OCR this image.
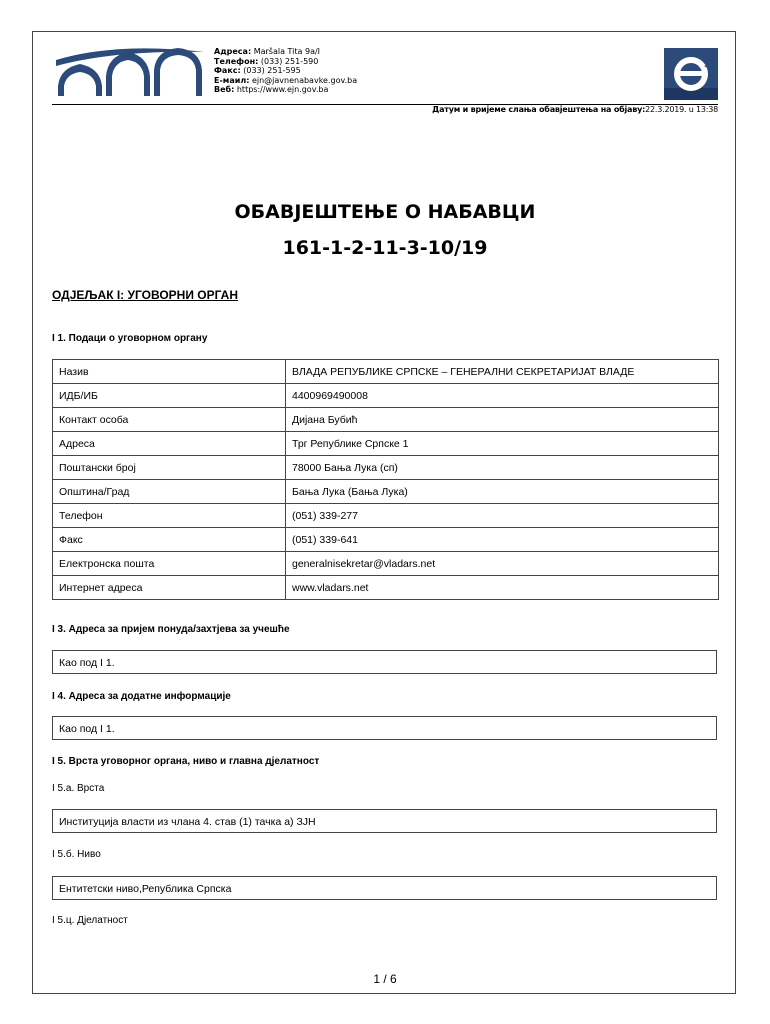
Адреса: Maršala Tita 9a/I
Телефон: (033) 251-590
Факс: (033) 251-595
E-маил: ejn@javnenabavke.gov.ba
Веб: https://www.ejn.gov.ba
Датум и вријеме слања обавјештења на објаву:22.3.2019. u 13:38
ОБАВЈЕШТЕЊЕ О НАБАВЦИ
161-1-2-11-3-10/19
ОДЈЕЉАК I: УГОВОРНИ ОРГАН
I 1. Подаци о уговорном органу
Назив	ВЛАДА РЕПУБЛИКЕ СРПСКЕ – ГЕНЕРАЛНИ СЕКРЕТАРИЈАТ ВЛАДЕ
ИДБ/ИБ	4400969490008
Контакт особа	Дијана Бубић
Адреса	Трг Републике Српске 1
Поштански број	78000 Бања Лука (сп)
Општина/Град	Бања Лука (Бања Лука)
Телефон	(051) 339-277
Факс	(051) 339-641
Електронска пошта	generalnisekretar@vladars.net
Интернет адреса	www.vladars.net
I 3. Адреса за пријем понуда/захтјева за учешће
Као под I 1.
I 4. Адреса за додатне информације
Као под I 1.
I 5. Врста уговорног органа, ниво и главна дјелатност
I 5.а. Врста
Институција власти из члана 4. став (1) тачка а) ЗЈН
I 5.б. Ниво
Ентитетски ниво,Република Српска
I 5.ц. Дјелатност
1 / 6
